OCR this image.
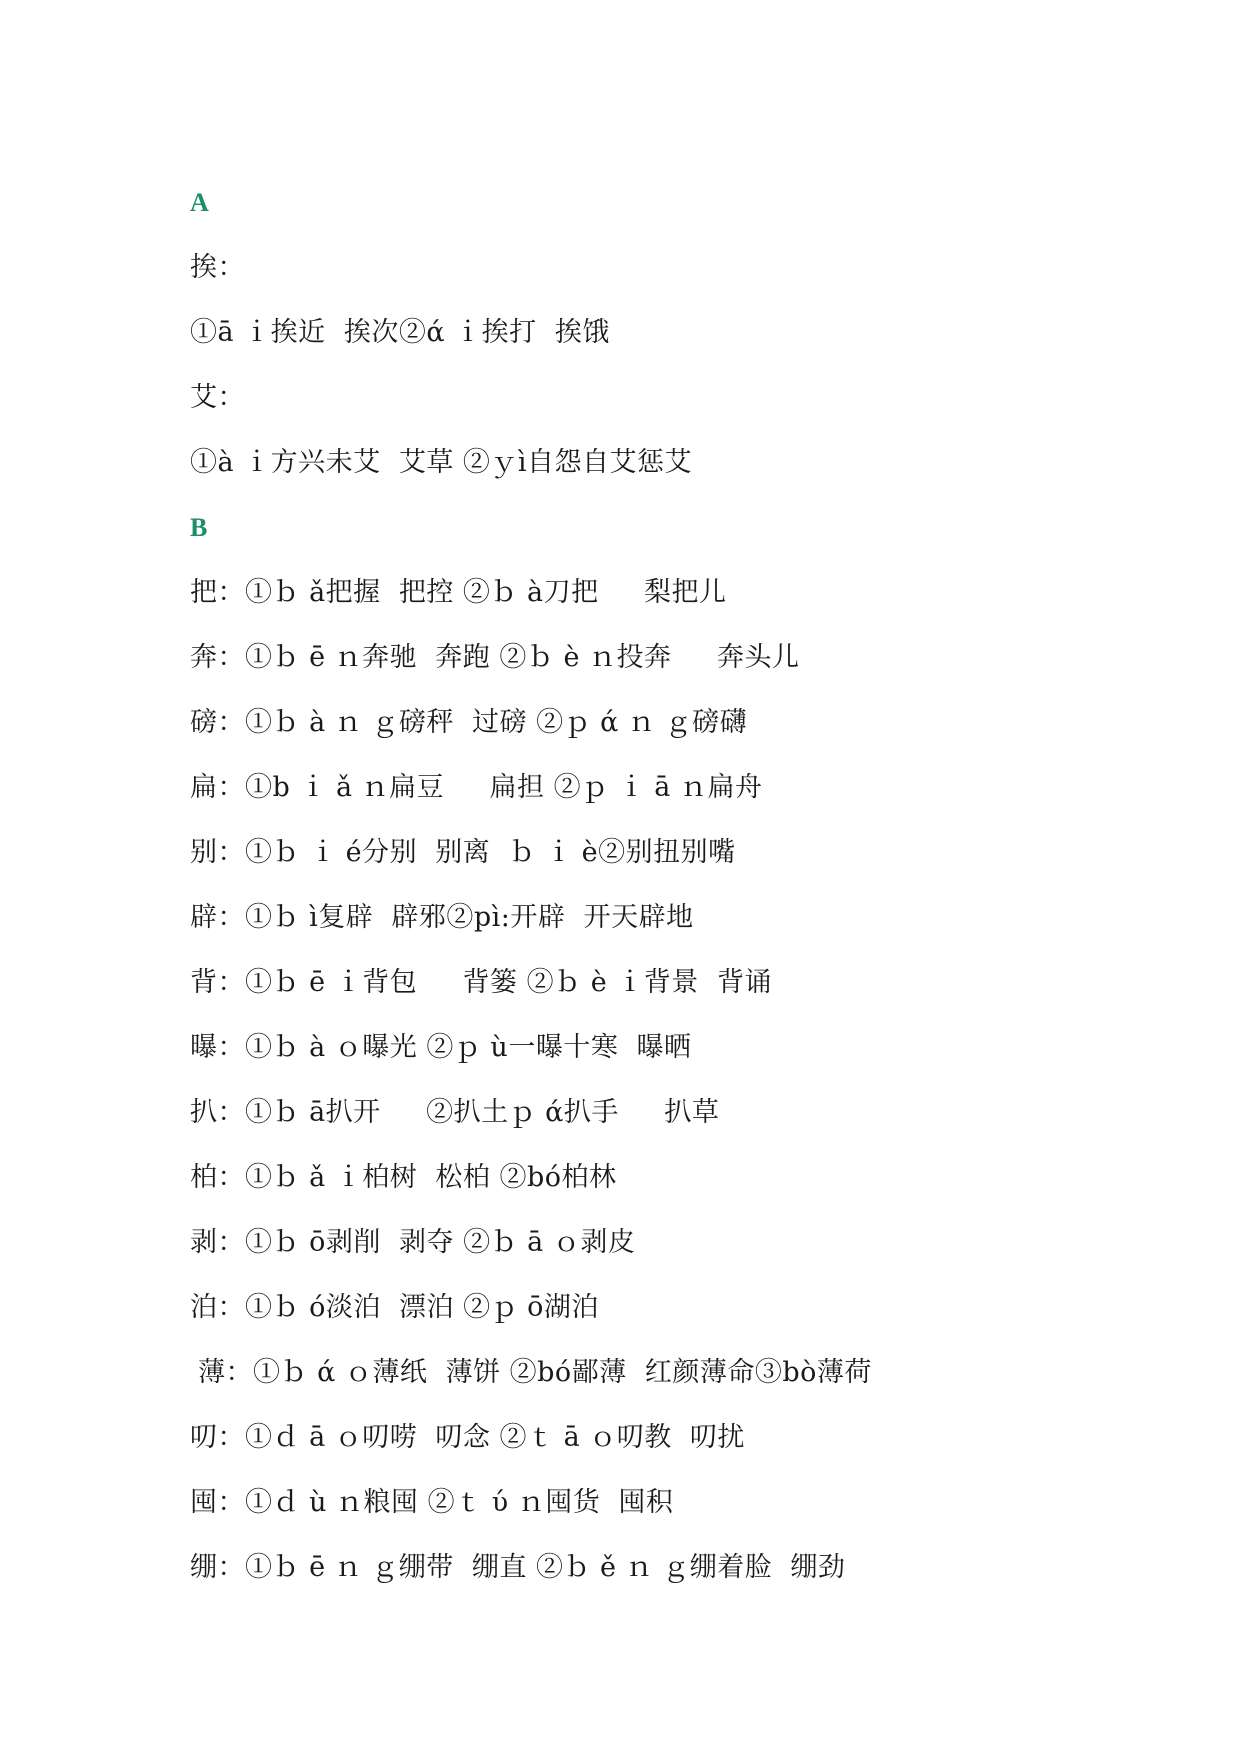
A
挨：
①ā ｉ挨近  挨次②ά ｉ挨打  挨饿
艾：
①à ｉ方兴未艾  艾草 ②ｙì自怨自艾惩艾
B
把：①ｂ ǎ把握  把控 ②ｂ à刀把     梨把儿
奔：①ｂ ē ｎ奔驰  奔跑 ②ｂ è ｎ投奔     奔头儿
磅：①ｂ à ｎ ｇ磅秤  过磅 ②ｐ ά ｎ ｇ磅礴
扁：①b ｉ ǎ ｎ扁豆     扁担 ②ｐ ｉ ā ｎ扁舟
别：①ｂ ｉ é分别  别离  ｂ ｉ è②别扭别嘴
辟：①ｂ ì复辟  辟邪②pì:开辟  开天辟地
背：①ｂ ē ｉ背包     背篓 ②ｂ è ｉ背景  背诵
曝：①ｂ à ｏ曝光 ②ｐ ù一曝十寒  曝晒
扒：①ｂ ā扒开     ②扒土ｐ ά扒手     扒草
柏：①ｂ ǎ ｉ柏树  松柏 ②bó柏林
剥：①ｂ ō剥削  剥夺 ②ｂ ā ｏ剥皮
泊：①ｂ ó淡泊  漂泊 ②ｐ ō湖泊
薄：①ｂ ά ｏ薄纸  薄饼 ②bó鄙薄  红颜薄命③bò薄荷
叨：①ｄ ā ｏ叨唠  叨念 ②ｔ ā ｏ叨教  叨扰
囤：①ｄ ù ｎ粮囤 ②ｔ ύ ｎ囤货  囤积
绷：①ｂ ē ｎ ｇ绷带  绷直 ②ｂ ě ｎ ｇ绷着脸  绷劲
